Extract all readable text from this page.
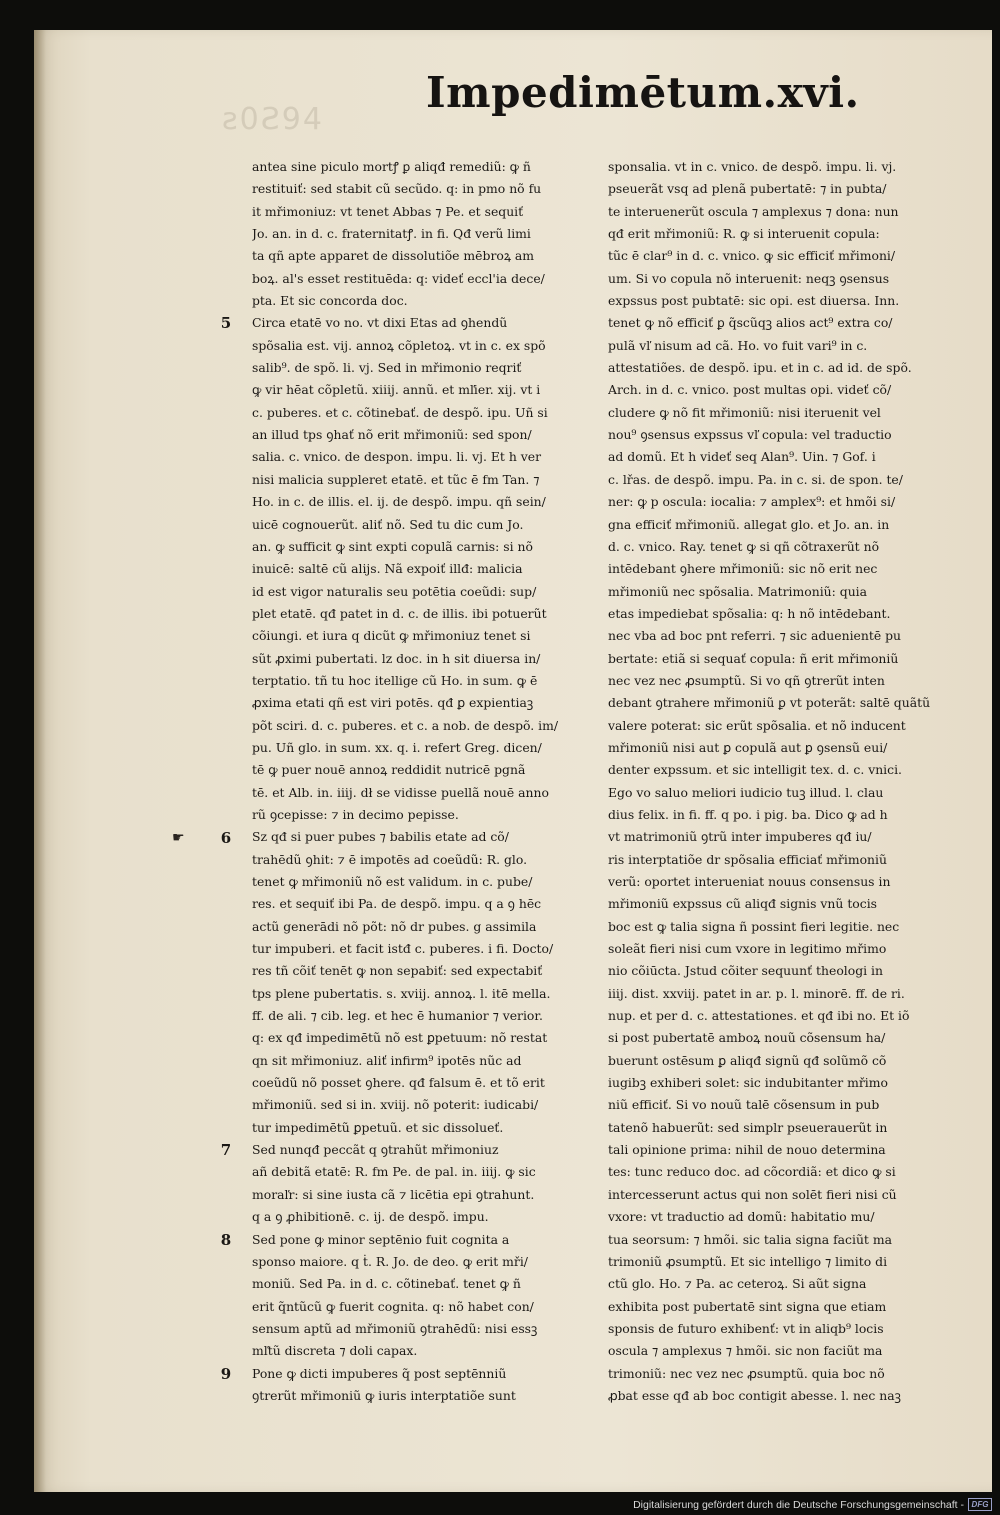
ƨ0Ƨ94
Impedimētum.xvi.
antea sine piculo mortꝭ ꝑ aliqđ remediũ: ꝙ ñ
restituiť: sed stabit cũ secũdo. q: in pmo nõ fu
it mřimoniuz: vt tenet Abbas ⁊ Pe. et sequiť
Jo. an. in d. c. fraternitatꝭ. in fi. Qđ verũ limi
ta qñ apte apparet de dissolutiõe mēbroꝝ am
boꝝ. al's esset restituēda: q: videť eccl'ia dece/
pta. Et sic concorda doc.
Circa etatē vo no. vt dixi Etas ad ꝯhendũ
5
spõsalia est. vij. annoꝝ cõpletoꝝ. vt in c. ex spõ
salib⁹. de spõ. li. vj. Sed in mřimonio reqriť
ꝙ vir hēat cõpletũ. xiiij. annũ. et mľier. xij. vt i
c. puberes. et c. cõtinebať. de despõ. ipu. Uñ si
an illud tps ꝯhať nõ erit mřimoniũ: sed spon/
salia. c. vnico. de despon. impu. li. vj. Et h ver
nisi malicia suppleret etatē. et tũc ē fm Tan. ⁊
Ho. in c. de illis. el. ij. de despõ. impu. qñ sein/
uicē cognouerũt. aliť nõ. Sed tu dic cum Jo.
an. ꝙ sufficit ꝙ sint expti copulã carnis: si nõ
inuicē: saltē cũ alijs. Nã expoiť illđ: malicia
id est vigor naturalis seu potētia coeũdi: sup/
plet etatē. qđ patet in d. c. de illis. ibi potuerũt
cõiungi. et iura q dicũt ꝙ mřimoniuz tenet si
sũt ꝓximi pubertati. lz doc. in h sit diuersa in/
terptatio. tñ tu hoc itellige cũ Ho. in sum. ꝙ ē
ꝓxima etati qñ est viri potēs. qđ ꝑ expientiaꝫ
põt sciri. d. c. puberes. et c. a nob. de despõ. im/
pu. Uñ glo. in sum. xx. q. i. refert Greg. dicen/
tē ꝙ puer nouē annoꝝ reddidit nutricē pgnã
tē. et Alb. in. iiij. dł se vidisse puellã nouē anno
rũ ꝯcepisse: ⁊ in decimo pepisse.
Sz qđ si puer pubes ⁊ babilis etate ad cõ/
6
☛
trahēdũ ꝯhit: ⁊ ē impotēs ad coeũdũ: R. glo.
tenet ꝙ mřimoniũ nõ est validum. in c. pube/
res. et sequiť ibi Pa. de despõ. impu. q a ꝯ hēc
actũ generādi nõ põt: nõ dr pubes. g assimila
tur impuberi. et facit istđ c. puberes. i fi. Docto/
res tñ cõiť tenēt ꝙ non sepabiť: sed expectabiť
tps plene pubertatis. s. xviij. annoꝝ. l. itē mella.
ff. de ali. ⁊ cib. leg. et hec ē humanior ⁊ verior.
q: ex qđ impedimētũ nõ est ꝑpetuum: nõ restat
qn sit mřimoniuz. aliť infirm⁹ ipotēs nũc ad
coeũdũ nõ posset ꝯhere. qđ falsum ē. et tõ erit
mřimoniũ. sed si in. xviij. nõ poterit: iudicabi/
tur impedimētũ ꝑpetuũ. et sic dissolueť.
Sed nunqđ peccãt q ꝯtrahũt mřimoniuz
7
añ debitã etatē: R. fm Pe. de pal. in. iiij. ꝙ sic
moraľr: si sine iusta cã ⁊ licētia epi ꝯtrahunt.
q a ꝯ ꝓhibitionē. c. ij. de despõ. impu.
Sed pone ꝙ minor septēnio fuit cognita a
8
sponso maiore. q ṫ. R. Jo. de deo. ꝙ erit mři/
moniũ. Sed Pa. in d. c. cõtinebať. tenet ꝙ ñ
erit q̃ntũcũ ꝙ fuerit cognita. q: nõ habet con/
sensum aptũ ad mřimoniũ ꝯtrahēdũ: nisi essꝫ
mľtũ discreta ⁊ doli capax.
Pone ꝙ dicti impuberes q̃ post septēnniũ
9
ꝯtrerũt mřimoniũ ꝙ iuris interptatiõe sunt
sponsalia. vt in c. vnico. de despõ. impu. li. vj.
pseuerãt vsq ad plenã pubertatē: ⁊ in pubta/
te interuenerũt oscula ⁊ amplexus ⁊ dona: nun
qđ erit mřimoniũ: R. ꝙ si interuenit copula:
tũc ē clar⁹ in d. c. vnico. ꝙ sic efficiť mřimoni/
um. Si vo copula nõ interuenit: neqꝫ ꝯsensus
expssus post pubtatē: sic opi. est diuersa. Inn.
tenet ꝙ nõ efficiť ꝑ q̃scũqꝫ alios act⁹ extra co/
pulã vľ nisum ad cã. Ho. vo fuit vari⁹ in c.
attestatiões. de despõ. ipu. et in c. ad id. de spõ.
Arch. in d. c. vnico. post multas opi. videť cõ/
cludere ꝙ nõ fit mřimoniũ: nisi iteruenit vel
nou⁹ ꝯsensus expssus vľ copula: vel traductio
ad domũ. Et h videť seq Alan⁹. Uin. ⁊ Gof. i
c. lřas. de despõ. impu. Pa. in c. si. de spon. te/
ner: ꝙ p oscula: iocalia: ⁊ amplex⁹: et hmõi si/
gna efficiť mřimoniũ. allegat glo. et Jo. an. in
d. c. vnico. Ray. tenet ꝙ si qñ cõtraxerũt nõ
intēdebant ꝯhere mřimoniũ: sic nõ erit nec
mřimoniũ nec spõsalia. Matrimoniũ: quia
etas impediebat spõsalia: q: h nõ intēdebant.
nec vba ad boc pnt referri. ⁊ sic aduenientē pu
bertate: etiã si sequať copula: ñ erit mřimoniũ
nec vez nec ꝓsumptũ. Si vo qñ ꝯtrerũt inten
debant ꝯtrahere mřimoniũ ꝑ vt poterãt: saltē quãtũ
valere poterat: sic erũt spõsalia. et nõ inducent
mřimoniũ nisi aut ꝑ copulã aut ꝑ ꝯsensũ eui/
denter expssum. et sic intelligit tex. d. c. vnici.
Ego vo saluo meliori iudicio tuꝫ illud. l. clau
dius felix. in fi. ff. q po. i pig. ba. Dico ꝙ ad h
vt matrimoniũ ꝯtrũ inter impuberes qđ iu/
ris interptatiõe dr spõsalia efficiať mřimoniũ
verũ: oportet interueniat nouus consensus in
mřimoniũ expssus cũ aliqđ signis vnũ tocis
boc est ꝙ talia signa ñ possint fieri legitie. nec
soleãt fieri nisi cum vxore in legitimo mřimo
nio cõiūcta. Jstud cõiter sequunť theologi in
iiij. dist. xxviij. patet in ar. p. l. minorē. ff. de ri.
nup. et per d. c. attestationes. et qđ ibi no. Et iõ
si post pubertatē amboꝝ nouũ cõsensum ha/
buerunt ostēsum ꝑ aliqđ signũ qđ solũmõ cõ
iugibꝫ exhiberi solet: sic indubitanter mřimo
niũ efficiť. Si vo nouũ talē cõsensum in pub
tatenõ habuerũt: sed simplr pseuerauerũt in
tali opinione prima: nihil de nouo determina
tes: tunc reduco doc. ad cõcordiã: et dico ꝙ si
intercesserunt actus qui non solēt fieri nisi cũ
vxore: vt traductio ad domũ: habitatio mu/
tua seorsum: ⁊ hmõi. sic talia signa faciũt ma
trimoniũ ꝓsumptũ. Et sic intelligo ⁊ limito di
ctũ glo. Ho. ⁊ Pa. ac ceteroꝝ. Si aũt signa
exhibita post pubertatē sint signa que etiam
sponsis de futuro exhibenť: vt in aliqb⁹ locis
oscula ⁊ amplexus ⁊ hmõi. sic non faciũt ma
trimoniũ: nec vez nec ꝓsumptũ. quia boc nõ
ꝓbat esse qđ ab boc contigit abesse. l. nec naꝫ
Digitalisierung gefördert durch die Deutsche Forschungsgemeinschaft - DFG
